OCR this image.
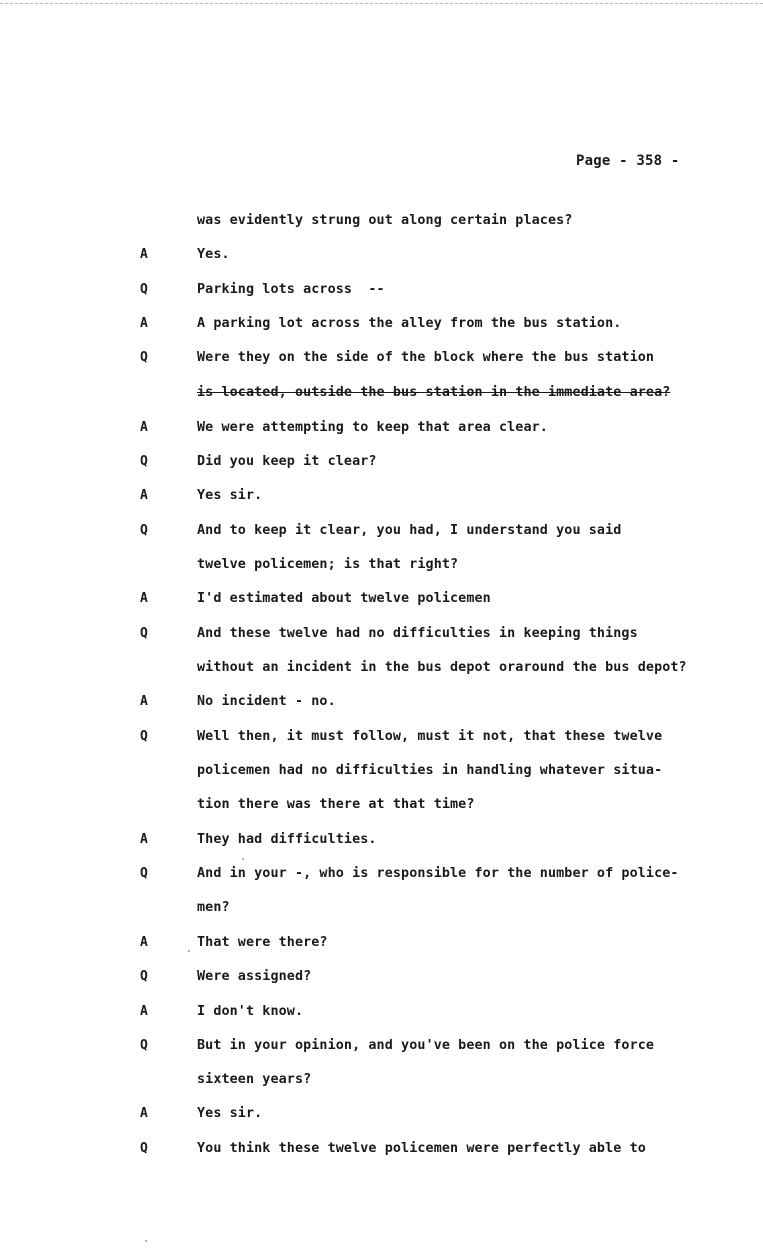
Page - 358 -
was evidently strung out along certain places?
A	Yes.
Q	Parking lots across  --
A	A parking lot across the alley from the bus station.
Q	Were they on the side of the block where the bus station
is located, outside the bus station in the immediate area?
A	We were attempting to keep that area clear.
Q	Did you keep it clear?
A	Yes sir.
Q	And to keep it clear, you had, I understand you said
twelve policemen; is that right?
A	I'd estimated about twelve policemen
Q	And these twelve had no difficulties in keeping things
without an incident in the bus depot oraround the bus depot?
A	No incident - no.
Q	Well then, it must follow, must it not, that these twelve
policemen had no difficulties in handling whatever situa-
tion there was there at that time?
A	They had difficulties.
Q	And in your -, who is responsible for the number of police-
men?
A	That were there?
Q	Were assigned?
A	I don't know.
Q	But in your opinion, and you've been on the police force
sixteen years?
A	Yes sir.
Q	You think these twelve policemen were perfectly able to
